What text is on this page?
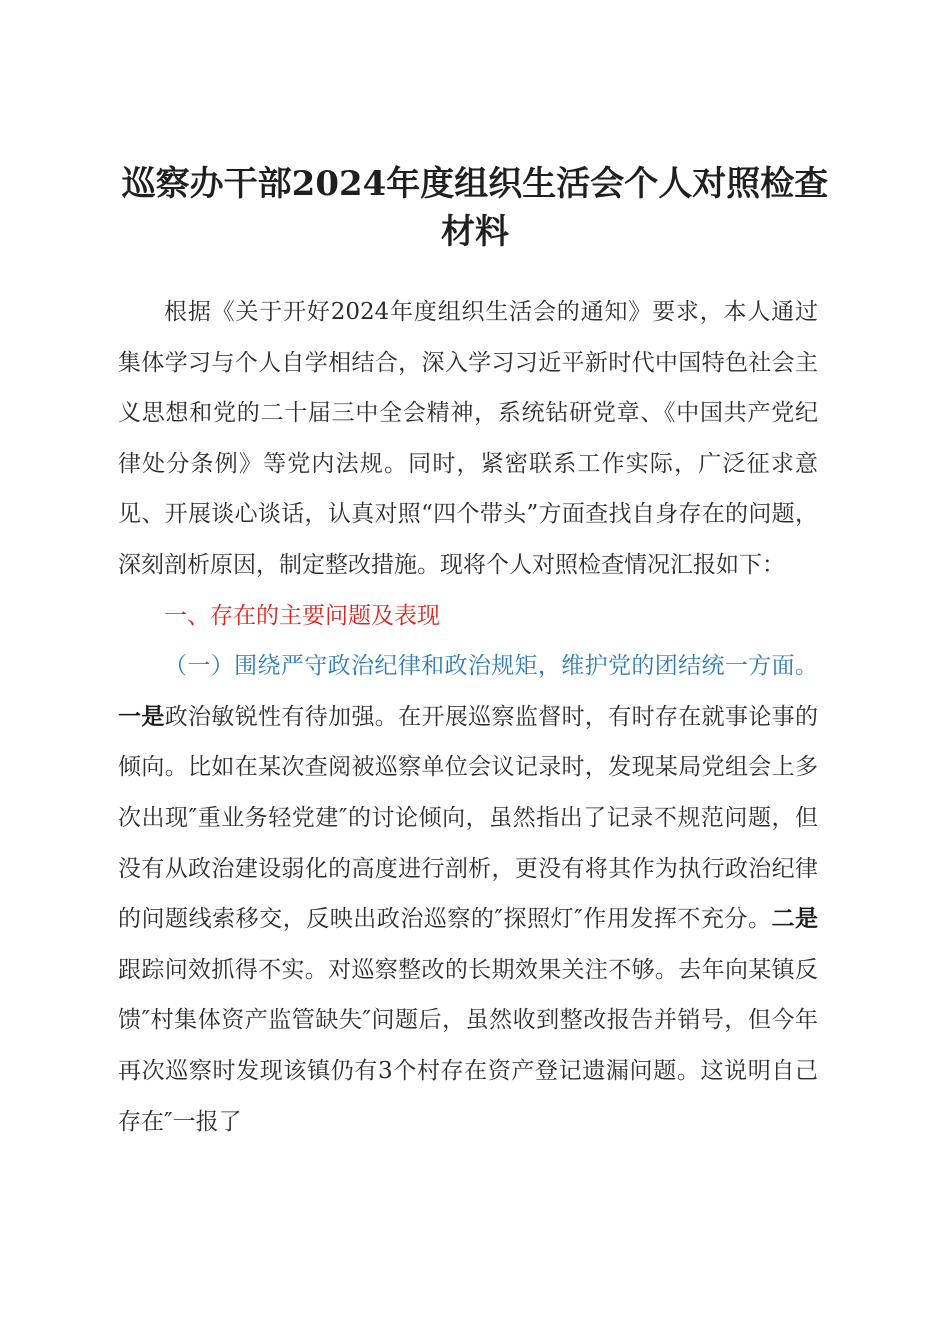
巡察办干部2024年度组织生活会个人对照检查
材料

根据《关于开好2024年度组织生活会的通知》要求，本人通过集体学习与个人自学相结合，深入学习习近平新时代中国特色社会主义思想和党的二十届三中全会精神，系统钻研党章、《中国共产党纪律处分条例》等党内法规。同时，紧密联系工作实际，广泛征求意见、开展谈心谈话，认真对照“四个带头”方面查找自身存在的问题，深刻剖析原因，制定整改措施。现将个人对照检查情况汇报如下：

一、存在的主要问题及表现

（一）围绕严守政治纪律和政治规矩，维护党的团结统一方面。一是政治敏锐性有待加强。在开展巡察监督时，有时存在就事论事的倾向。比如在某次查阅被巡察单位会议记录时，发现某局党组会上多次出现″重业务轻党建″的讨论倾向，虽然指出了记录不规范问题，但没有从政治建设弱化的高度进行剖析，更没有将其作为执行政治纪律的问题线索移交，反映出政治巡察的″探照灯″作用发挥不充分。二是跟踪问效抓得不实。对巡察整改的长期效果关注不够。去年向某镇反馈″村集体资产监管缺失″问题后，虽然收到整改报告并销号，但今年再次巡察时发现该镇仍有3个村存在资产登记遗漏问题。这说明自己存在″一报了
